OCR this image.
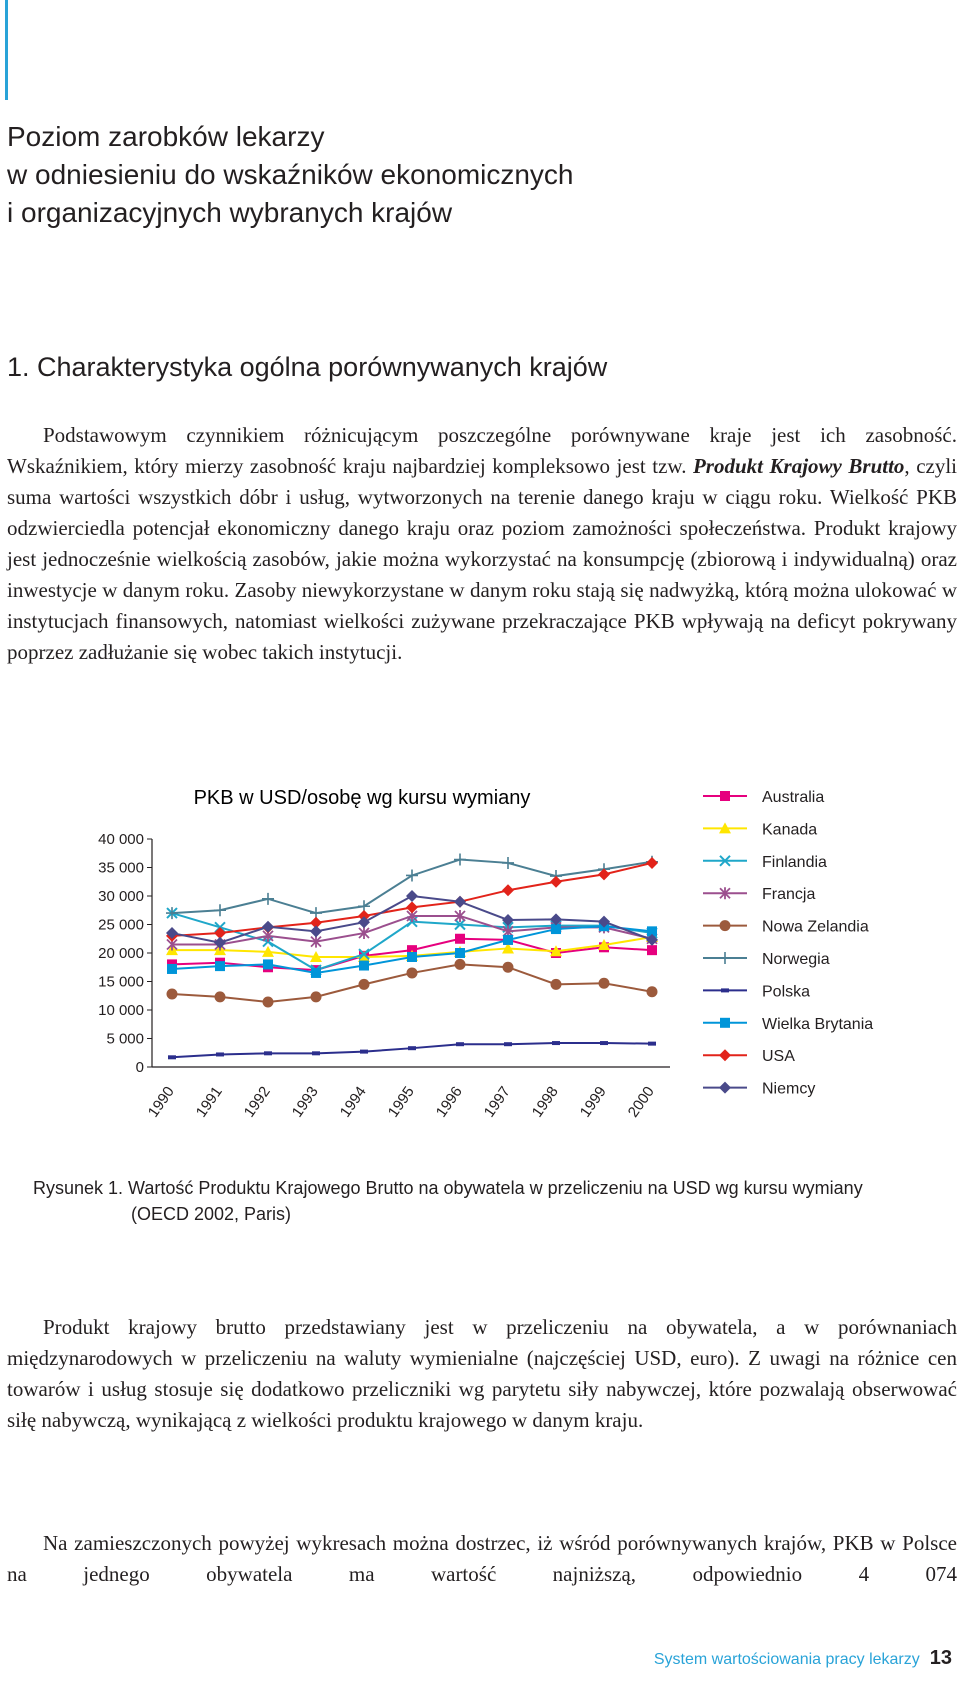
Poziom zarobków lekarzy
w odniesieniu do wskaźników ekonomicznych
i organizacyjnych wybranych krajów
1. Charakterystyka ogólna porównywanych krajów
Podstawowym czynnikiem różnicującym poszczególne porównywane kraje jest ich zasobność. Wskaźnikiem, który mierzy zasobność kraju najbardziej kompleksowo jest tzw. Produkt Krajowy Brutto, czyli suma wartości wszystkich dóbr i usług, wytworzonych na terenie danego kraju w ciągu roku. Wielkość PKB odzwierciedla potencjał ekonomiczny danego kraju oraz poziom zamożności społeczeństwa. Produkt krajowy jest jednocześnie wielkością zasobów, jakie można wykorzystać na konsumpcję (zbiorową i indywidualną) oraz inwestycje w danym roku. Zasoby niewykorzystane w danym roku stają się nadwyżką, którą można ulokować w instytucjach finansowych, natomiast wielkości zużywane przekraczające PKB wpływają na deficyt pokrywany poprzez zadłużanie się wobec takich instytucji.
PKB w USD/osobę wg kursu wymiany
0
5 000
10 000
15 000
20 000
25 000
30 000
35 000
40 000
1990 1991 1992 1993 1994 1995 1996 1997 1998 1999 2000
Australia
Kanada
Finlandia
Francja
Nowa Zelandia
Norwegia
Polska
Wielka Brytania
USA
Niemcy
Rysunek 1. Wartość Produktu Krajowego Brutto na obywatela w przeliczeniu na USD wg kursu wymiany
(OECD 2002, Paris)
Produkt krajowy brutto przedstawiany jest w przeliczeniu na obywatela, a w porównaniach międzynarodowych w przeliczeniu na waluty wymienialne (najczęściej USD, euro). Z uwagi na różnice cen towarów i usług stosuje się dodatkowo przeliczniki wg parytetu siły nabywczej, które pozwalają obserwować siłę nabywczą, wynikającą z wielkości produktu krajowego w danym kraju.
Na zamieszczonych powyżej wykresach można dostrzec, iż wśród porównywanych krajów, PKB w Polsce na jednego obywatela ma wartość najniższą, odpowiednio 4 074
System wartościowania pracy lekarzy 13
